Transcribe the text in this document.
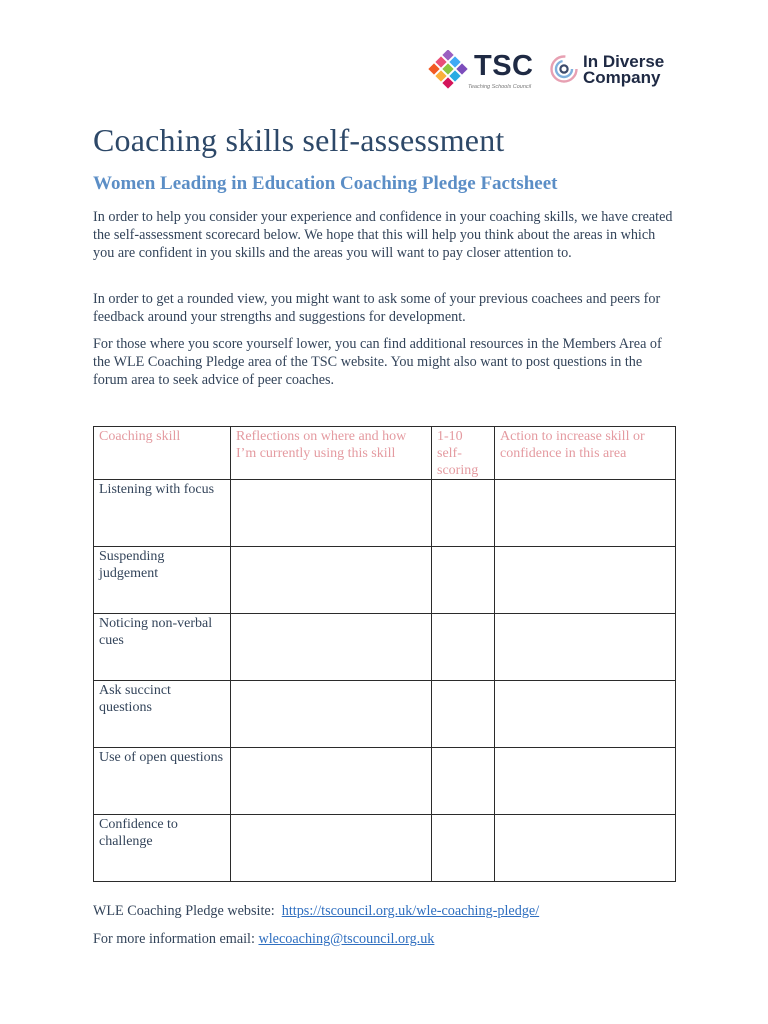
TSC
Teaching Schools Council
In Diverse
Company
Coaching skills self-assessment
Women Leading in Education Coaching Pledge Factsheet

In order to help you consider your experience and confidence in your coaching skills, we have created the self-assessment scorecard below. We hope that this will help you think about the areas in which you are confident in you skills and the areas you will want to pay closer attention to.

In order to get a rounded view, you might want to ask some of your previous coachees and peers for feedback around your strengths and suggestions for development.

For those where you score yourself lower, you can find additional resources in the Members Area of the WLE Coaching Pledge area of the TSC website. You might also want to post questions in the forum area to seek advice of peer coaches.

Coaching skill	Reflections on where and how I’m currently using this skill	1-10 self-scoring	Action to increase skill or confidence in this area
Listening with focus			
Suspending judgement			
Noticing non-verbal cues			
Ask succinct questions			
Use of open questions			
Confidence to challenge			

WLE Coaching Pledge website: https://tscouncil.org.uk/wle-coaching-pledge/

For more information email: wlecoaching@tscouncil.org.uk
